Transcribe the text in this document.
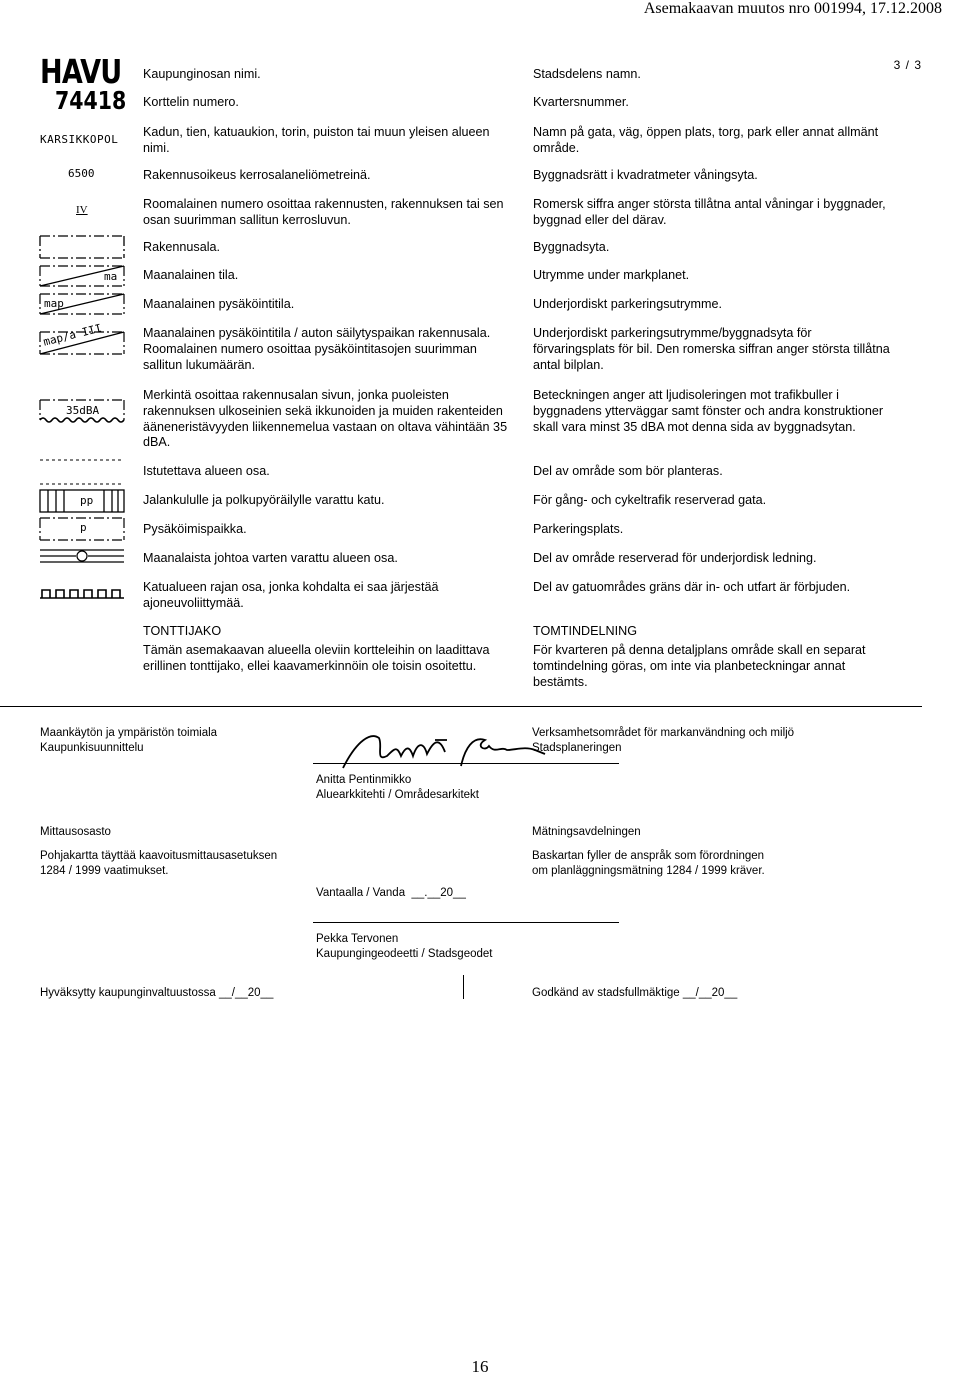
Asemakaavan muutos nro 001994, 17.12.2008
3 / 3
HAVU
74418
KARSIKKOPOL
6500
IV
ma
map
map/a III
35dBA
pp
p
Kaupunginosan nimi.
Korttelin numero.
Kadun, tien, katuaukion, torin, puiston tai muun yleisen alueen nimi.
Rakennusoikeus kerrosalaneliömetreinä.
Roomalainen numero osoittaa rakennusten, rakennuksen tai sen osan suurimman sallitun kerrosluvun.
Rakennusala.
Maanalainen tila.
Maanalainen pysäköintitila.
Maanalainen pysäköintitila / auton säilytyspaikan rakennusala. Roomalainen numero osoittaa pysäköintitasojen suurimman sallitun lukumäärän.
Merkintä osoittaa rakennusalan sivun, jonka puoleisten rakennuksen ulkoseinien sekä ikkunoiden ja muiden rakenteiden ääneneristävyyden liikennemelua vastaan on oltava vähintään 35 dBA.
Istutettava alueen osa.
Jalankululle ja polkupyöräilylle varattu katu.
Pysäköimispaikka.
Maanalaista johtoa varten varattu alueen osa.
Katualueen rajan osa, jonka kohdalta ei saa järjestää ajoneuvoliittymää.
TONTTIJAKO
Tämän asemakaavan alueella oleviin kortteleihin on laadittava erillinen tonttijako, ellei kaavamerkinnöin ole toisin osoitettu.
Stadsdelens namn.
Kvartersnummer.
Namn på gata, väg, öppen plats, torg, park eller annat allmänt område.
Byggnadsrätt i kvadratmeter våningsyta.
Romersk siffra anger största tillåtna antal våningar i byggnader, byggnad eller del därav.
Byggnadsyta.
Utrymme under markplanet.
Underjordiskt parkeringsutrymme.
Underjordiskt parkeringsutrymme/byggnadsyta för förvaringsplats för bil. Den romerska siffran anger största tillåtna antal bilplan.
Beteckningen anger att ljudisoleringen mot trafikbuller i byggnadens ytterväggar samt fönster och andra konstruktioner skall vara minst 35 dBA mot denna sida av byggnadsytan.
Del av område som bör planteras.
För gång- och cykeltrafik reserverad gata.
Parkeringsplats.
Del av område reserverad för underjordisk ledning.
Del av gatuområdes gräns där in- och utfart är förbjuden.
TOMTINDELNING
För kvarteren på denna detaljplans område skall en separat tomtindelning göras, om inte via planbeteckningar annat bestämts.
Maankäytön ja ympäristön toimiala
Kaupunkisuunnittelu
Verksamhetsområdet för markanvändning och miljö
Stadsplaneringen
Anitta Pentinmikko
Aluearkkitehti / Områdesarkitekt
Mittausosasto	Mätningsavdelningen
Pohjakartta täyttää kaavoitusmittausasetuksen
1284 / 1999 vaatimukset.
Baskartan fyller de anspråk som förordningen
om planläggningsmätning 1284 / 1999 kräver.
Vantaalla / Vanda  __.__20__
Pekka Tervonen
Kaupungingeodeetti / Stadsgeodet
Hyväksytty kaupunginvaltuustossa __/__20__	Godkänd av stadsfullmäktige __/__20__
16
